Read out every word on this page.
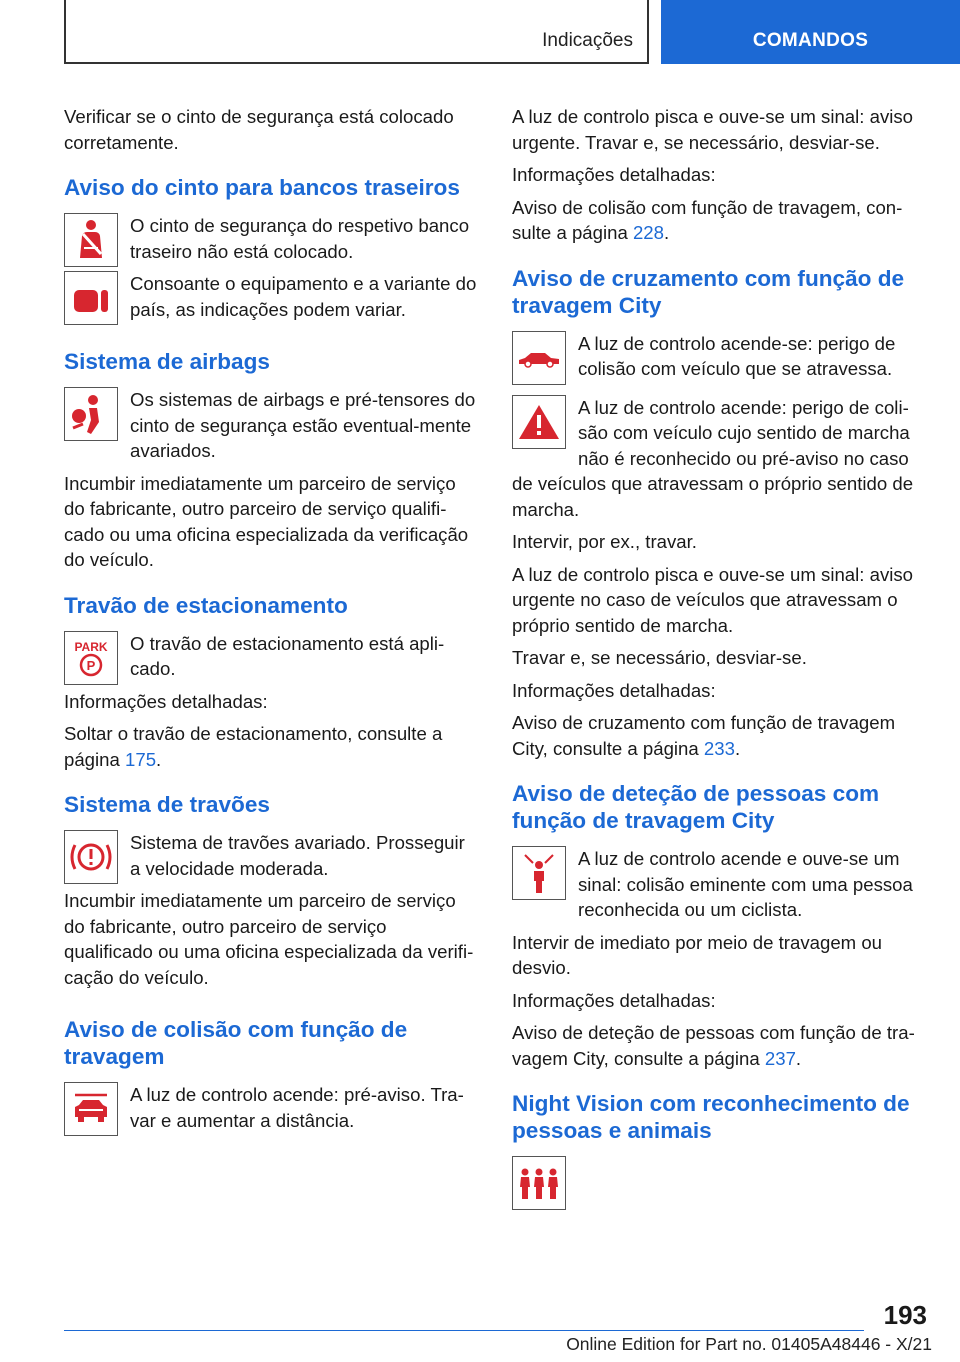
Indicações	COMANDOS

Verificar se o cinto de segurança está colocado corretamente.

Aviso do cinto para bancos traseiros

O cinto de segurança do respetivo banco traseiro não está colocado.

Consoante o equipamento e a variante do país, as indicações podem variar.

Sistema de airbags

Os sistemas de airbags e pré-tensores do cinto de segurança estão eventual-mente avariados.

Incumbir imediatamente um parceiro de serviço do fabricante, outro parceiro de serviço qualifi-cado ou uma oficina especializada da verificação do veículo.

Travão de estacionamento
PARK
P

O travão de estacionamento está apli-cado.

Informações detalhadas:

Soltar o travão de estacionamento, consulte a página 175.

Sistema de travões

Sistema de travões avariado. Prosseguir a velocidade moderada.

Incumbir imediatamente um parceiro de serviço do fabricante, outro parceiro de serviço qualificado ou uma oficina especializada da verifi-cação do veículo.

Aviso de colisão com função de travagem

A luz de controlo acende: pré-aviso. Tra-var e aumentar a distância.

A luz de controlo pisca e ouve-se um sinal: aviso urgente. Travar e, se necessário, desviar-se.

Informações detalhadas:

Aviso de colisão com função de travagem, con-sulte a página 228.

Aviso de cruzamento com função de travagem City

A luz de controlo acende-se: perigo de colisão com veículo que se atravessa.

A luz de controlo acende: perigo de coli-são com veículo cujo sentido de marcha não é reconhecido ou pré-aviso no caso de veículos que atravessam o próprio sentido de marcha.

Intervir, por ex., travar.

A luz de controlo pisca e ouve-se um sinal: aviso urgente no caso de veículos que atravessam o próprio sentido de marcha.

Travar e, se necessário, desviar-se.

Informações detalhadas:

Aviso de cruzamento com função de travagem City, consulte a página 233.

Aviso de deteção de pessoas com função de travagem City

A luz de controlo acende e ouve-se um sinal: colisão eminente com uma pessoa reconhecida ou um ciclista.

Intervir de imediato por meio de travagem ou desvio.

Informações detalhadas:

Aviso de deteção de pessoas com função de tra-vagem City, consulte a página 237.

Night Vision com reconhecimento de pessoas e animais
193
Online Edition for Part no. 01405A48446 - X/21
